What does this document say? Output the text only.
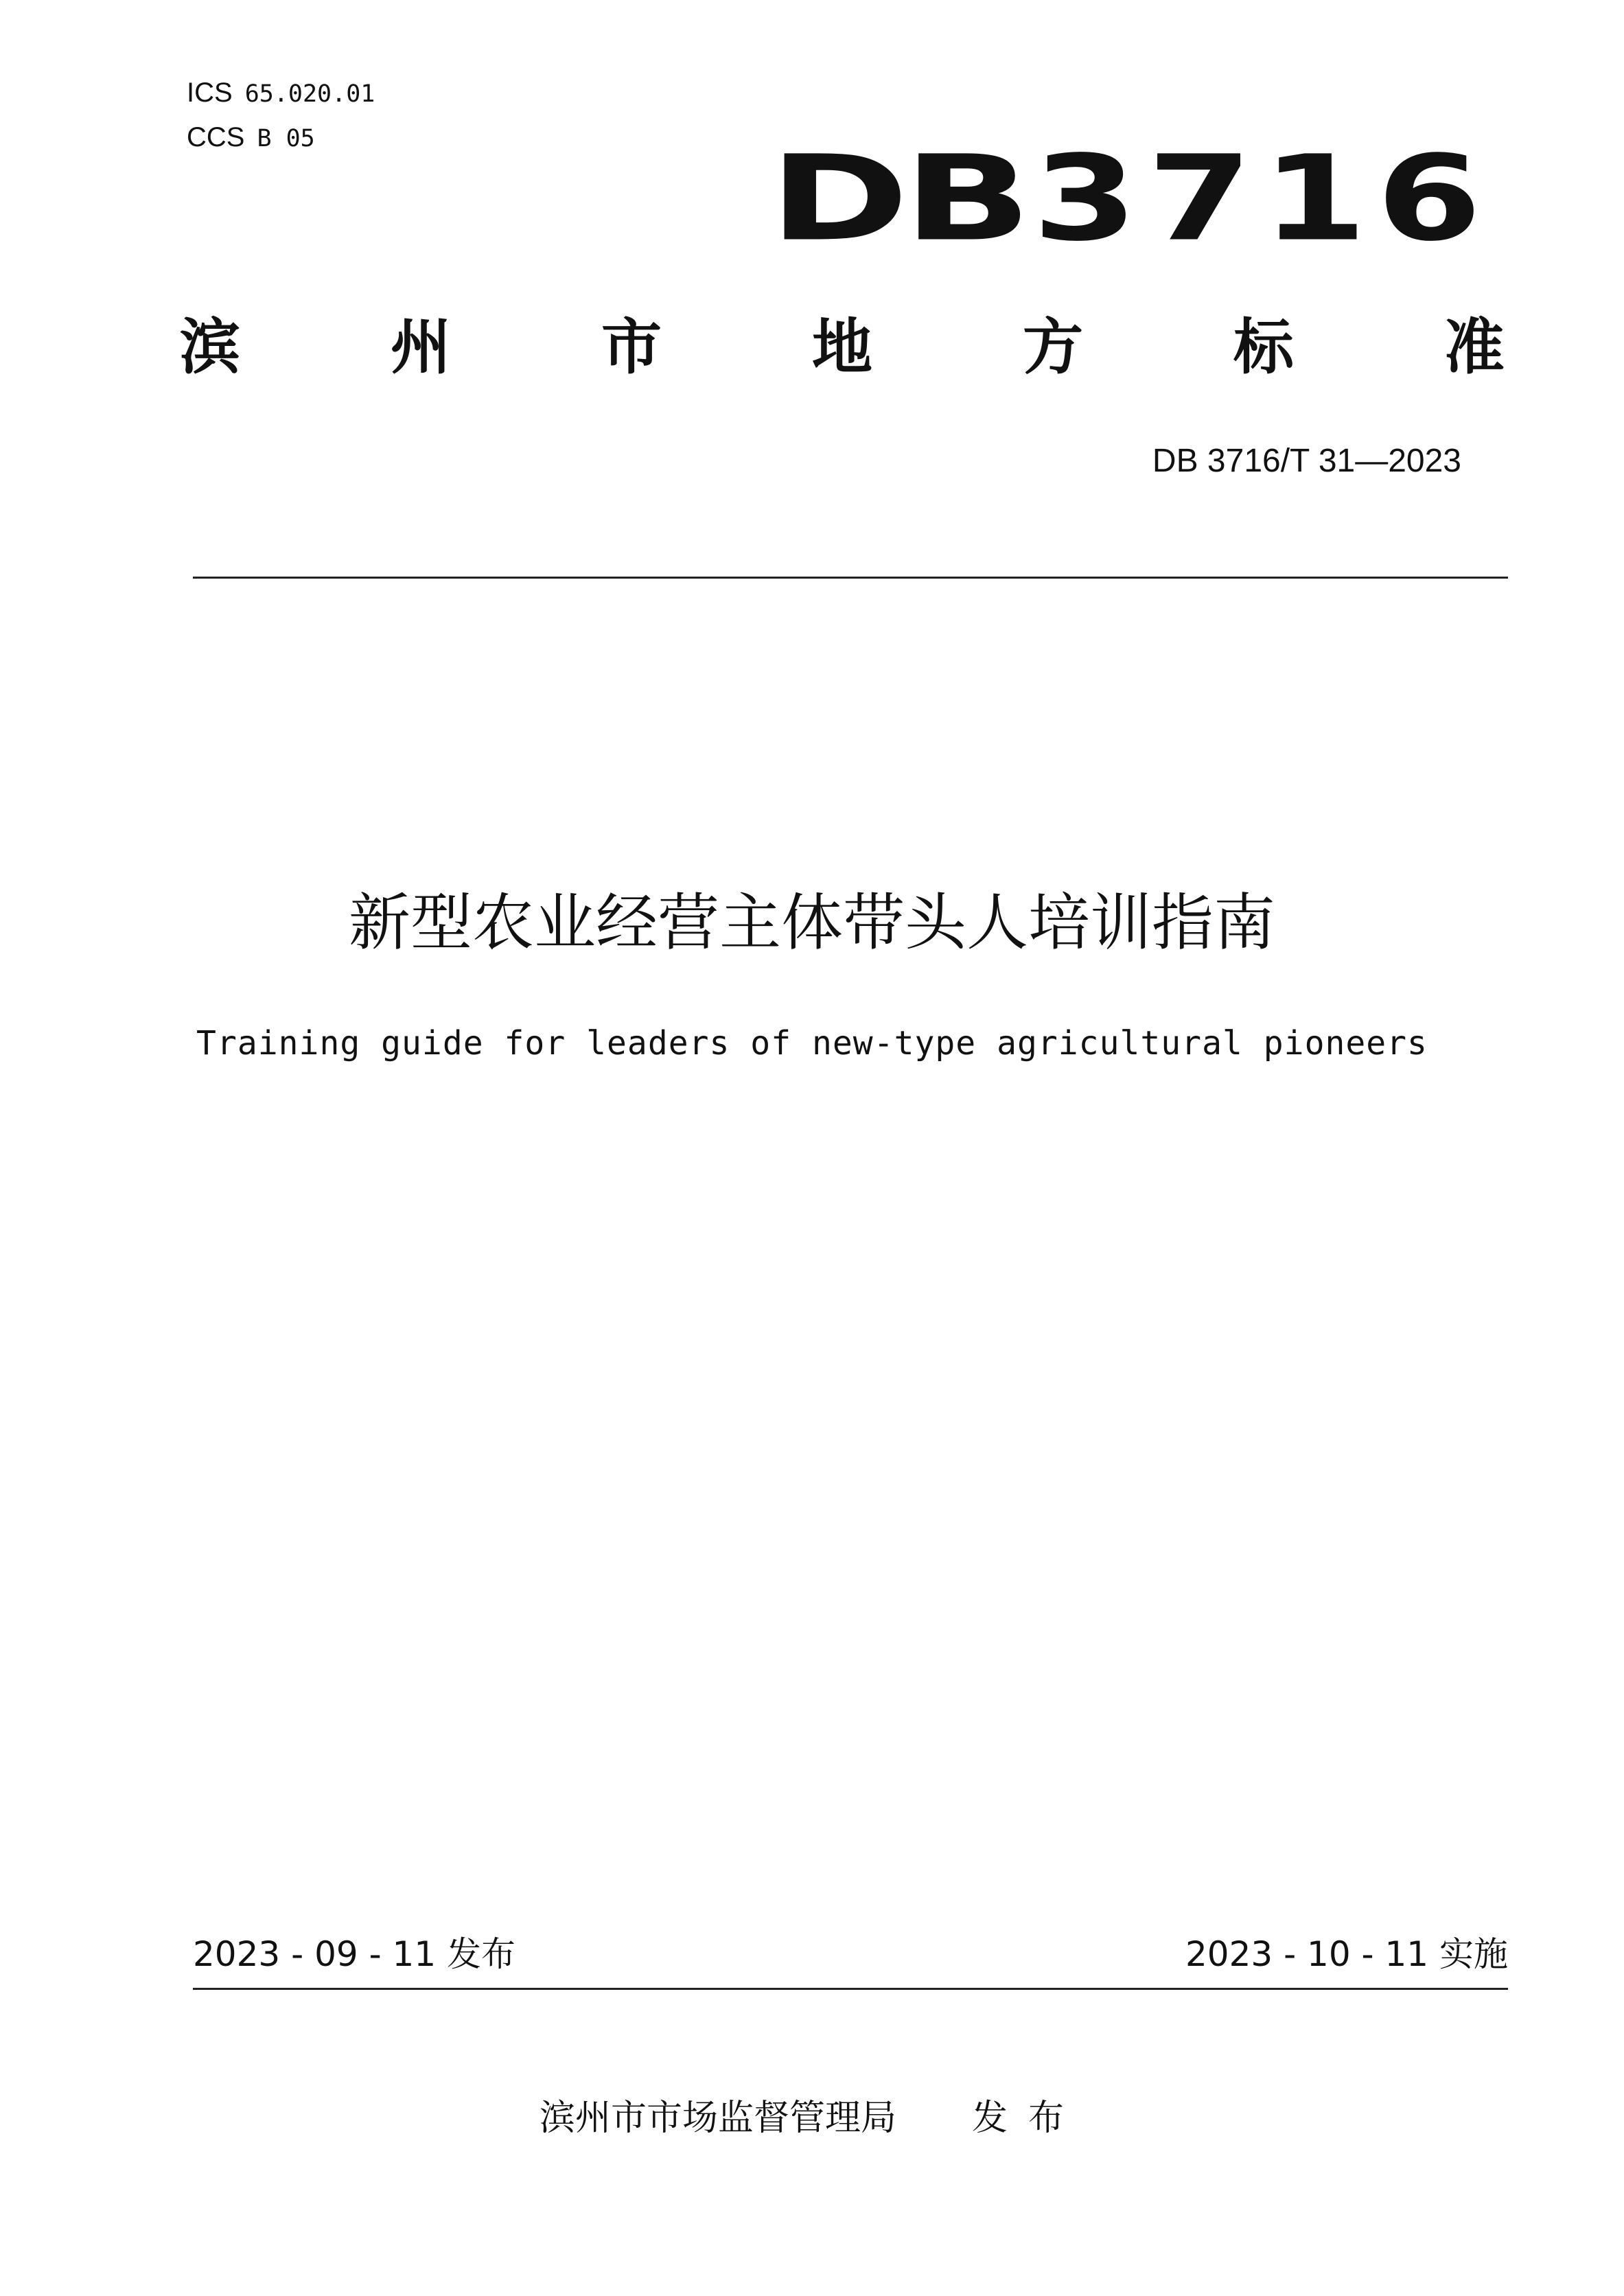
ICS 65.020.01
CCS B 05	DB 3716
滨 州 市 地 方 标 准
DB 3716/T 31—2023
新型农业经营主体带头人培训指南
Training guide for leaders of new-type agricultural pioneers
2023 - 09 - 11 发布	2023 - 10 - 11 实施
滨州市市场监督管理局 发布
